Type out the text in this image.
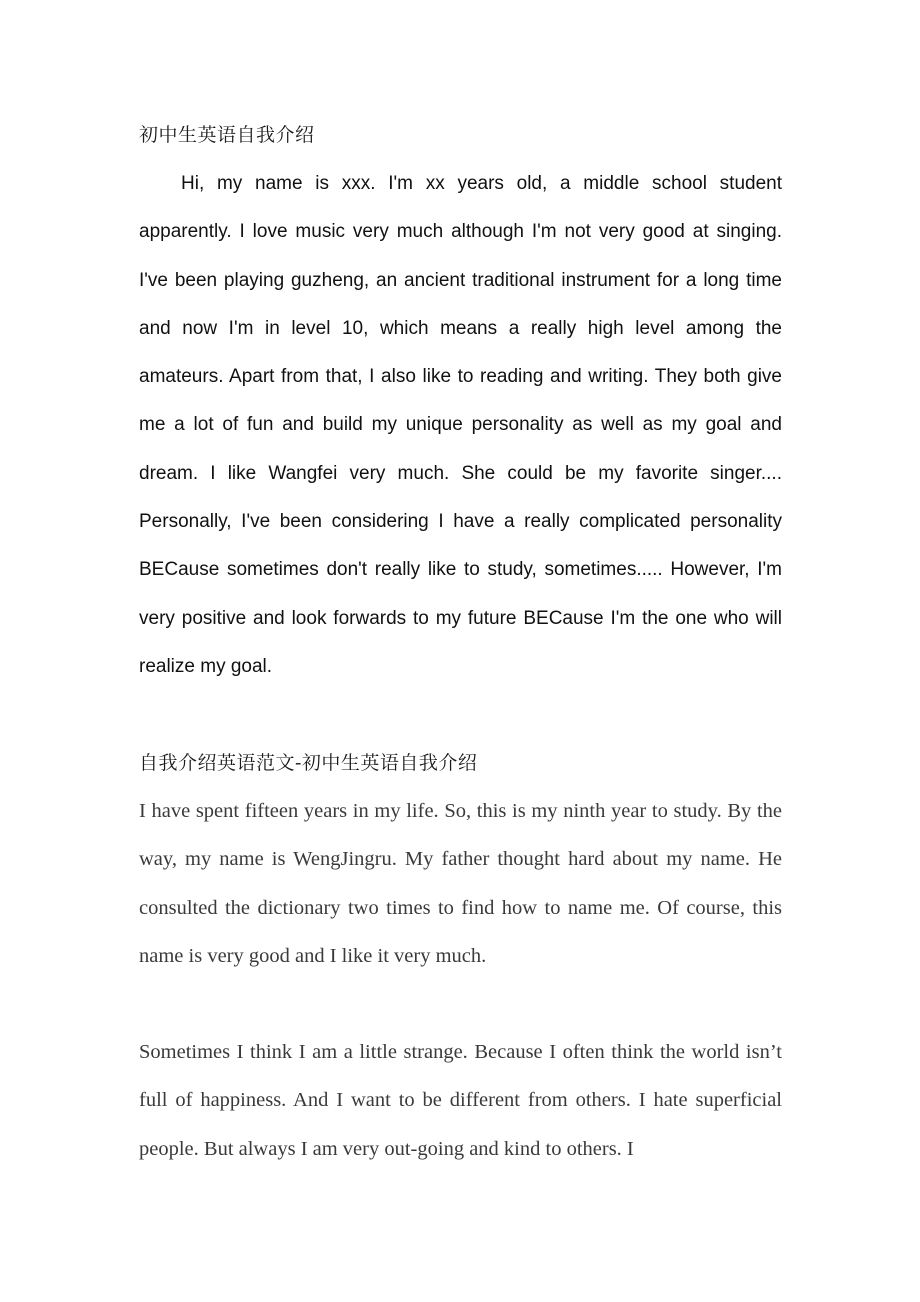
初中生英语自我介绍
Hi, my name is xxx. I'm xx years old, a middle school student apparently. I love music very much although I'm not very good at singing. I've been playing guzheng, an ancient traditional instrument for a long time and now I'm in level 10, which means a really high level among the amateurs. Apart from that, I also like to reading and writing. They both give me a lot of fun and build my unique personality as well as my goal and dream. I like Wangfei very much. She could be my favorite singer.... Personally, I've been considering I have a really complicated personality BECause sometimes don't really like to study, sometimes..... However, I'm very positive and look forwards to my future BECause I'm the one who will realize my goal.
自我介绍英语范文-初中生英语自我介绍
I have spent fifteen years in my life. So, this is my ninth year to study. By the way, my name is WengJingru. My father thought hard about my name. He consulted the dictionary two times to find how to name me. Of course, this name is very good and I like it very much.
Sometimes I think I am a little strange. Because I often think the world isn’t full of happiness. And I want to be different from others. I hate superficial people. But always I am very out-going and kind to others. I
